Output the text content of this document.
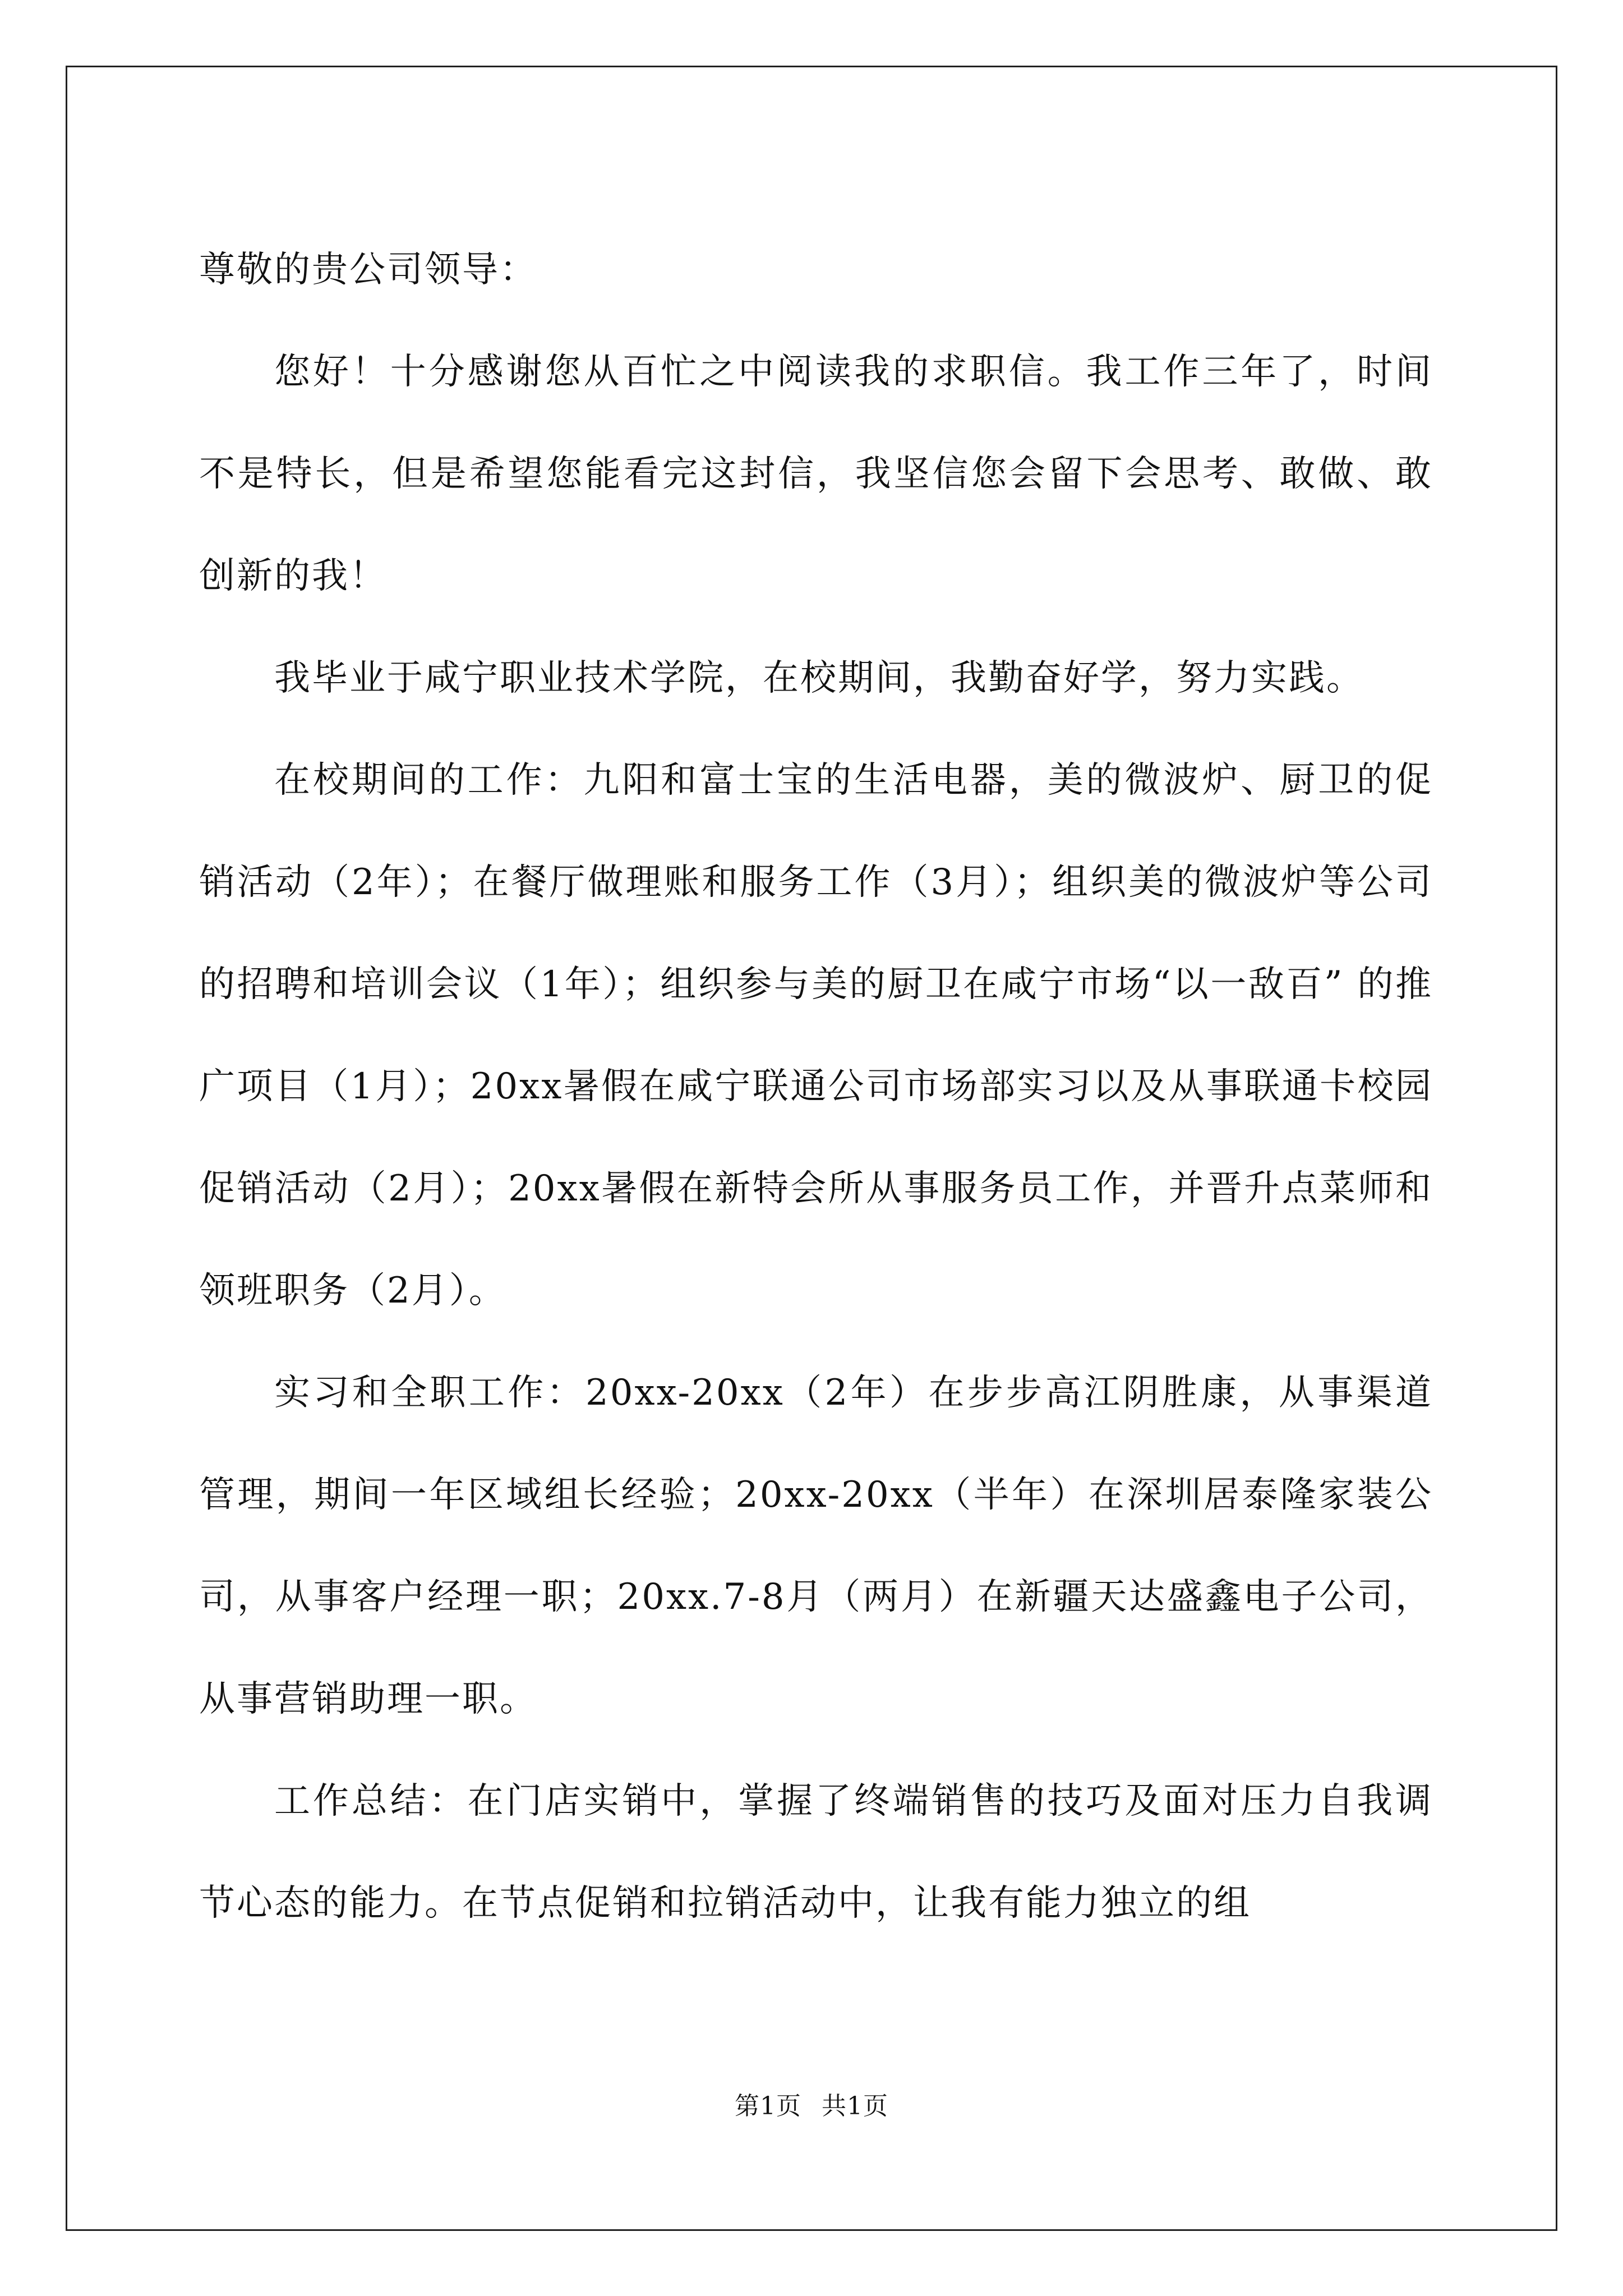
尊敬的贵公司领导：

您好！十分感谢您从百忙之中阅读我的求职信。我工作三年了，时间不是特长，但是希望您能看完这封信，我坚信您会留下会思考、敢做、敢创新的我！

我毕业于咸宁职业技术学院，在校期间，我勤奋好学，努力实践。

在校期间的工作：九阳和富士宝的生活电器，美的微波炉、厨卫的促销活动（2年）；在餐厅做理账和服务工作（3月）；组织美的微波炉等公司的招聘和培训会议（1年）；组织参与美的厨卫在咸宁市场“以一敌百” 的推广项目（1月）；20xx暑假在咸宁联通公司市场部实习以及从事联通卡校园促销活动（2月）；20xx暑假在新特会所从事服务员工作，并晋升点菜师和领班职务（2月）。

实习和全职工作：20xx-20xx（2年）在步步高江阴胜康，从事渠道管理，期间一年区域组长经验；20xx-20xx（半年）在深圳居泰隆家装公司，从事客户经理一职；20xx.7-8月（两月）在新疆天达盛鑫电子公司，从事营销助理一职。

工作总结：在门店实销中，掌握了终端销售的技巧及面对压力自我调节心态的能力。在节点促销和拉销活动中，让我有能力独立的组

第1页 共1页
